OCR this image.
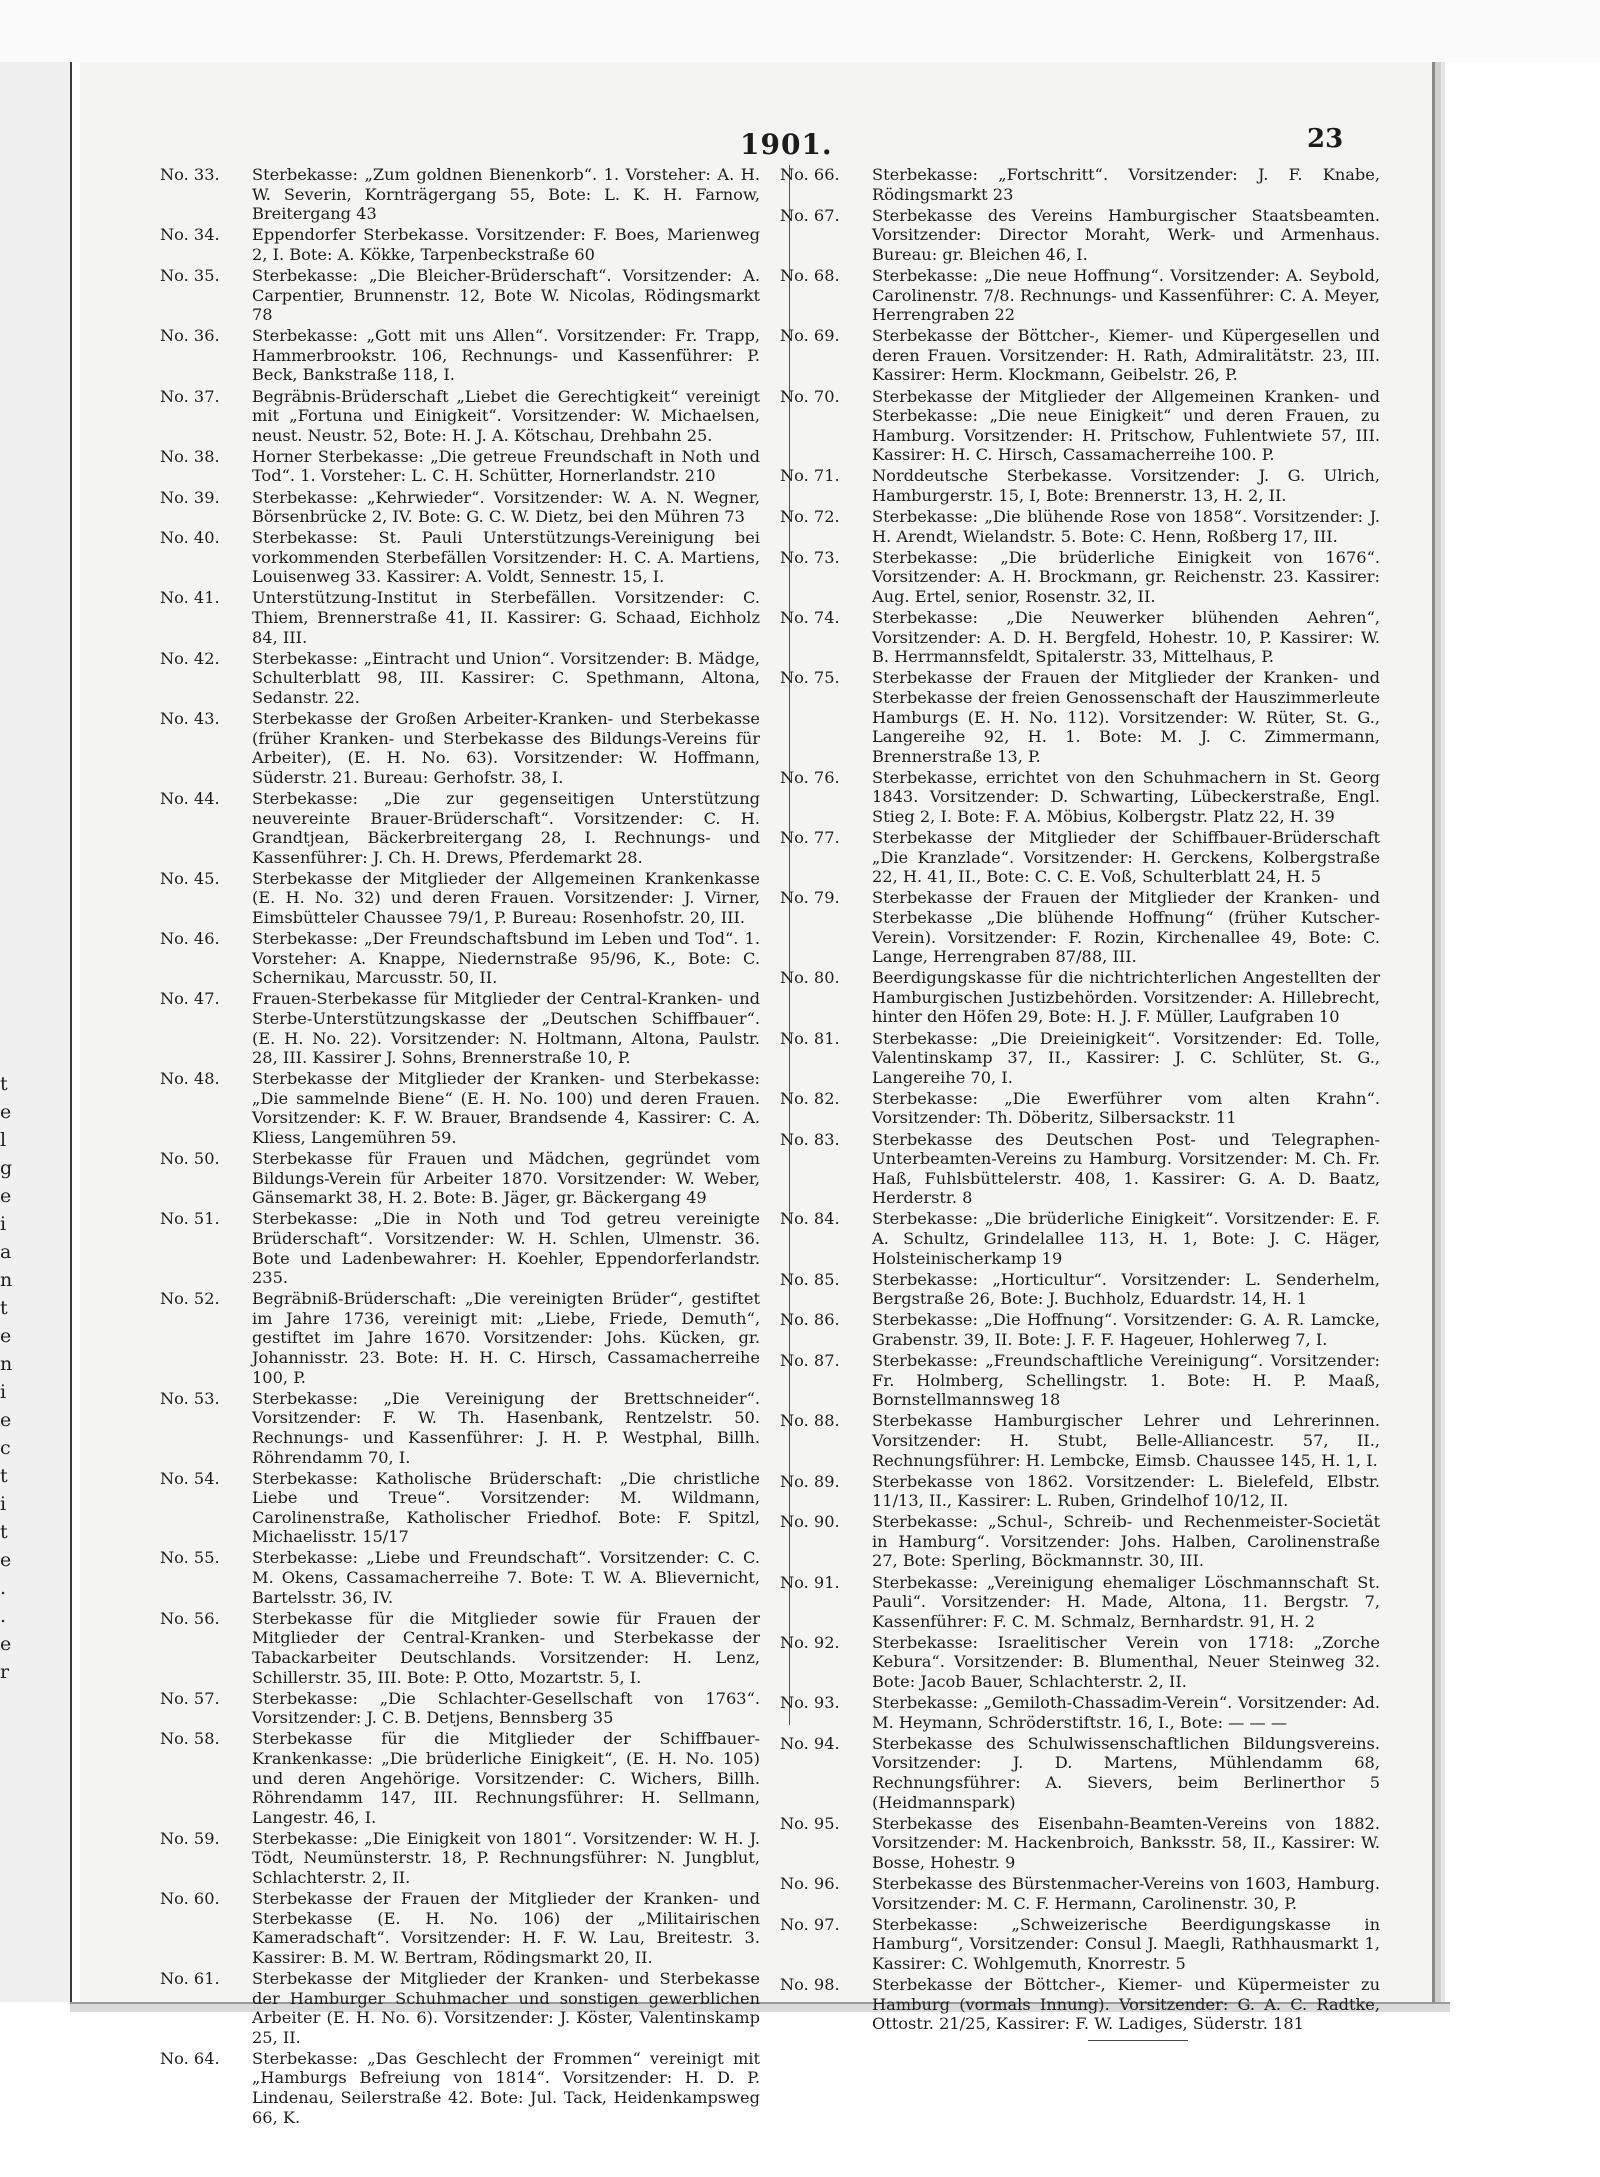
t
e
l
g
e
i
a
n
t
e
n
i
e
c
t
i
t
e
.
.
e
r
1901.	23
No. 33.	Sterbekasse: „Zum goldnen Bienenkorb“. 1. Vorsteher: A. H. W. Severin, Kornträgergang 55, Bote: L. K. H. Farnow, Breitergang 43
No. 34.	Eppendorfer Sterbekasse. Vorsitzender: F. Boes, Marienweg 2, I. Bote: A. Kökke, Tarpenbeckstraße 60
No. 35.	Sterbekasse: „Die Bleicher-Brüderschaft“. Vorsitzender: A. Carpentier, Brunnenstr. 12, Bote W. Nicolas, Rödingsmarkt 78
No. 36.	Sterbekasse: „Gott mit uns Allen“. Vorsitzender: Fr. Trapp, Hammerbrookstr. 106, Rechnungs- und Kassenführer: P. Beck, Bankstraße 118, I.
No. 37.	Begräbnis-Brüderschaft „Liebet die Gerechtigkeit“ vereinigt mit „Fortuna und Einigkeit“. Vorsitzender: W. Michaelsen, neust. Neustr. 52, Bote: H. J. A. Kötschau, Drehbahn 25.
No. 38.	Horner Sterbekasse: „Die getreue Freundschaft in Noth und Tod“. 1. Vorsteher: L. C. H. Schütter, Hornerlandstr. 210
No. 39.	Sterbekasse: „Kehrwieder“. Vorsitzender: W. A. N. Wegner, Börsenbrücke 2, IV. Bote: G. C. W. Dietz, bei den Mühren 73
No. 40.	Sterbekasse: St. Pauli Unterstützungs-Vereinigung bei vorkommenden Sterbefällen Vorsitzender: H. C. A. Martiens, Louisenweg 33. Kassirer: A. Voldt, Sennestr. 15, I.
No. 41.	Unterstützung-Institut in Sterbefällen. Vorsitzender: C. Thiem, Brennerstraße 41, II. Kassirer: G. Schaad, Eichholz 84, III.
No. 42.	Sterbekasse: „Eintracht und Union“. Vorsitzender: B. Mädge, Schulterblatt 98, III. Kassirer: C. Spethmann, Altona, Sedanstr. 22.
No. 43.	Sterbekasse der Großen Arbeiter-Kranken- und Sterbekasse (früher Kranken- und Sterbekasse des Bildungs-Vereins für Arbeiter), (E. H. No. 63). Vorsitzender: W. Hoffmann, Süderstr. 21. Bureau: Gerhofstr. 38, I.
No. 44.	Sterbekasse: „Die zur gegenseitigen Unterstützung neuvereinte Brauer-Brüderschaft“. Vorsitzender: C. H. Grandtjean, Bäckerbreitergang 28, I. Rechnungs- und Kassenführer: J. Ch. H. Drews, Pferdemarkt 28.
No. 45.	Sterbekasse der Mitglieder der Allgemeinen Krankenkasse (E. H. No. 32) und deren Frauen. Vorsitzender: J. Virner, Eimsbütteler Chaussee 79/1, P. Bureau: Rosenhofstr. 20, III.
No. 46.	Sterbekasse: „Der Freundschaftsbund im Leben und Tod“. 1. Vorsteher: A. Knappe, Niedernstraße 95/96, K., Bote: C. Schernikau, Marcusstr. 50, II.
No. 47.	Frauen-Sterbekasse für Mitglieder der Central-Kranken- und Sterbe-Unterstützungskasse der „Deutschen Schiffbauer“. (E. H. No. 22). Vorsitzender: N. Holtmann, Altona, Paulstr. 28, III. Kassirer J. Sohns, Brennerstraße 10, P.
No. 48.	Sterbekasse der Mitglieder der Kranken- und Sterbekasse: „Die sammelnde Biene“ (E. H. No. 100) und deren Frauen. Vorsitzender: K. F. W. Brauer, Brandsende 4, Kassirer: C. A. Kliess, Langemühren 59.
No. 50.	Sterbekasse für Frauen und Mädchen, gegründet vom Bildungs-Verein für Arbeiter 1870. Vorsitzender: W. Weber, Gänsemarkt 38, H. 2. Bote: B. Jäger, gr. Bäckergang 49
No. 51.	Sterbekasse: „Die in Noth und Tod getreu vereinigte Brüderschaft“. Vorsitzender: W. H. Schlen, Ulmenstr. 36. Bote und Ladenbewahrer: H. Koehler, Eppendorferlandstr. 235.
No. 52.	Begräbniß-Brüderschaft: „Die vereinigten Brüder“, gestiftet im Jahre 1736, vereinigt mit: „Liebe, Friede, Demuth“, gestiftet im Jahre 1670. Vorsitzender: Johs. Kücken, gr. Johannisstr. 23. Bote: H. H. C. Hirsch, Cassamacherreihe 100, P.
No. 53.	Sterbekasse: „Die Vereinigung der Brettschneider“. Vorsitzender: F. W. Th. Hasenbank, Rentzelstr. 50. Rechnungs- und Kassenführer: J. H. P. Westphal, Billh. Röhrendamm 70, I.
No. 54.	Sterbekasse: Katholische Brüderschaft: „Die christliche Liebe und Treue“. Vorsitzender: M. Wildmann, Carolinenstraße, Katholischer Friedhof. Bote: F. Spitzl, Michaelisstr. 15/17
No. 55.	Sterbekasse: „Liebe und Freundschaft“. Vorsitzender: C. C. M. Okens, Cassamacherreihe 7. Bote: T. W. A. Blievernicht, Bartelsstr. 36, IV.
No. 56.	Sterbekasse für die Mitglieder sowie für Frauen der Mitglieder der Central-Kranken- und Sterbekasse der Tabackarbeiter Deutschlands. Vorsitzender: H. Lenz, Schillerstr. 35, III. Bote: P. Otto, Mozartstr. 5, I.
No. 57.	Sterbekasse: „Die Schlachter-Gesellschaft von 1763“. Vorsitzender: J. C. B. Detjens, Bennsberg 35
No. 58.	Sterbekasse für die Mitglieder der Schiffbauer-Krankenkasse: „Die brüderliche Einigkeit“, (E. H. No. 105) und deren Angehörige. Vorsitzender: C. Wichers, Billh. Röhrendamm 147, III. Rechnungsführer: H. Sellmann, Langestr. 46, I.
No. 59.	Sterbekasse: „Die Einigkeit von 1801“. Vorsitzender: W. H. J. Tödt, Neumünsterstr. 18, P. Rechnungsführer: N. Jungblut, Schlachterstr. 2, II.
No. 60.	Sterbekasse der Frauen der Mitglieder der Kranken- und Sterbekasse (E. H. No. 106) der „Militairischen Kameradschaft“. Vorsitzender: H. F. W. Lau, Breitestr. 3. Kassirer: B. M. W. Bertram, Rödingsmarkt 20, II.
No. 61.	Sterbekasse der Mitglieder der Kranken- und Sterbekasse der Hamburger Schuhmacher und sonstigen gewerblichen Arbeiter (E. H. No. 6). Vorsitzender: J. Köster, Valentinskamp 25, II.
No. 64.	Sterbekasse: „Das Geschlecht der Frommen“ vereinigt mit „Hamburgs Befreiung von 1814“. Vorsitzender: H. D. P. Lindenau, Seilerstraße 42. Bote: Jul. Tack, Heidenkampsweg 66, K.
No. 66.	Sterbekasse: „Fortschritt“. Vorsitzender: J. F. Knabe, Rödingsmarkt 23
No. 67.	Sterbekasse des Vereins Hamburgischer Staatsbeamten. Vorsitzender: Director Moraht, Werk- und Armenhaus. Bureau: gr. Bleichen 46, I.
No. 68.	Sterbekasse: „Die neue Hoffnung“. Vorsitzender: A. Seybold, Carolinenstr. 7/8. Rechnungs- und Kassenführer: C. A. Meyer, Herrengraben 22
No. 69.	Sterbekasse der Böttcher-, Kiemer- und Küpergesellen und deren Frauen. Vorsitzender: H. Rath, Admiralitätstr. 23, III. Kassirer: Herm. Klockmann, Geibelstr. 26, P.
No. 70.	Sterbekasse der Mitglieder der Allgemeinen Kranken- und Sterbekasse: „Die neue Einigkeit“ und deren Frauen, zu Hamburg. Vorsitzender: H. Pritschow, Fuhlentwiete 57, III. Kassirer: H. C. Hirsch, Cassamacherreihe 100. P.
No. 71.	Norddeutsche Sterbekasse. Vorsitzender: J. G. Ulrich, Hamburgerstr. 15, I, Bote: Brennerstr. 13, H. 2, II.
No. 72.	Sterbekasse: „Die blühende Rose von 1858“. Vorsitzender: J. H. Arendt, Wielandstr. 5. Bote: C. Henn, Roßberg 17, III.
No. 73.	Sterbekasse: „Die brüderliche Einigkeit von 1676“. Vorsitzender: A. H. Brockmann, gr. Reichenstr. 23. Kassirer: Aug. Ertel, senior, Rosenstr. 32, II.
No. 74.	Sterbekasse: „Die Neuwerker blühenden Aehren“, Vorsitzender: A. D. H. Bergfeld, Hohestr. 10, P. Kassirer: W. B. Herrmannsfeldt, Spitalerstr. 33, Mittelhaus, P.
No. 75.	Sterbekasse der Frauen der Mitglieder der Kranken- und Sterbekasse der freien Genossenschaft der Hauszimmerleute Hamburgs (E. H. No. 112). Vorsitzender: W. Rüter, St. G., Langereihe 92, H. 1. Bote: M. J. C. Zimmermann, Brennerstraße 13, P.
No. 76.	Sterbekasse, errichtet von den Schuhmachern in St. Georg 1843. Vorsitzender: D. Schwarting, Lübeckerstraße, Engl. Stieg 2, I. Bote: F. A. Möbius, Kolbergstr. Platz 22, H. 39
No. 77.	Sterbekasse der Mitglieder der Schiffbauer-Brüderschaft „Die Kranzlade“. Vorsitzender: H. Gerckens, Kolbergstraße 22, H. 41, II., Bote: C. C. E. Voß, Schulterblatt 24, H. 5
No. 79.	Sterbekasse der Frauen der Mitglieder der Kranken- und Sterbekasse „Die blühende Hoffnung“ (früher Kutscher-Verein). Vorsitzender: F. Rozin, Kirchenallee 49, Bote: C. Lange, Herrengraben 87/88, III.
No. 80.	Beerdigungskasse für die nichtrichterlichen Angestellten der Hamburgischen Justizbehörden. Vorsitzender: A. Hillebrecht, hinter den Höfen 29, Bote: H. J. F. Müller, Laufgraben 10
No. 81.	Sterbekasse: „Die Dreieinigkeit“. Vorsitzender: Ed. Tolle, Valentinskamp 37, II., Kassirer: J. C. Schlüter, St. G., Langereihe 70, I.
No. 82.	Sterbekasse: „Die Ewerführer vom alten Krahn“. Vorsitzender: Th. Döberitz, Silbersackstr. 11
No. 83.	Sterbekasse des Deutschen Post- und Telegraphen-Unterbeamten-Vereins zu Hamburg. Vorsitzender: M. Ch. Fr. Haß, Fuhlsbüttelerstr. 408, 1. Kassirer: G. A. D. Baatz, Herderstr. 8
No. 84.	Sterbekasse: „Die brüderliche Einigkeit“. Vorsitzender: E. F. A. Schultz, Grindelallee 113, H. 1, Bote: J. C. Häger, Holsteinischerkamp 19
No. 85.	Sterbekasse: „Horticultur“. Vorsitzender: L. Senderhelm, Bergstraße 26, Bote: J. Buchholz, Eduardstr. 14, H. 1
No. 86.	Sterbekasse: „Die Hoffnung“. Vorsitzender: G. A. R. Lamcke, Grabenstr. 39, II. Bote: J. F. F. Hageuer, Hohlerweg 7, I.
No. 87.	Sterbekasse: „Freundschaftliche Vereinigung“. Vorsitzender: Fr. Holmberg, Schellingstr. 1. Bote: H. P. Maaß, Bornstellmannsweg 18
No. 88.	Sterbekasse Hamburgischer Lehrer und Lehrerinnen. Vorsitzender: H. Stubt, Belle-Alliancestr. 57, II., Rechnungsführer: H. Lembcke, Eimsb. Chaussee 145, H. 1, I.
No. 89.	Sterbekasse von 1862. Vorsitzender: L. Bielefeld, Elbstr. 11/13, II., Kassirer: L. Ruben, Grindelhof 10/12, II.
No. 90.	Sterbekasse: „Schul-, Schreib- und Rechenmeister-Societät in Hamburg“. Vorsitzender: Johs. Halben, Carolinenstraße 27, Bote: Sperling, Böckmannstr. 30, III.
No. 91.	Sterbekasse: „Vereinigung ehemaliger Löschmannschaft St. Pauli“. Vorsitzender: H. Made, Altona, 11. Bergstr. 7, Kassenführer: F. C. M. Schmalz, Bernhardstr. 91, H. 2
No. 92.	Sterbekasse: Israelitischer Verein von 1718: „Zorche Kebura“. Vorsitzender: B. Blumenthal, Neuer Steinweg 32. Bote: Jacob Bauer, Schlachterstr. 2, II.
No. 93.	Sterbekasse: „Gemiloth-Chassadim-Verein“. Vorsitzender: Ad. M. Heymann, Schröderstiftstr. 16, I., Bote: — — —
No. 94.	Sterbekasse des Schulwissenschaftlichen Bildungsvereins. Vorsitzender: J. D. Martens, Mühlendamm 68, Rechnungsführer: A. Sievers, beim Berlinerthor 5 (Heidmannspark)
No. 95.	Sterbekasse des Eisenbahn-Beamten-Vereins von 1882. Vorsitzender: M. Hackenbroich, Banksstr. 58, II., Kassirer: W. Bosse, Hohestr. 9
No. 96.	Sterbekasse des Bürstenmacher-Vereins von 1603, Hamburg. Vorsitzender: M. C. F. Hermann, Carolinenstr. 30, P.
No. 97.	Sterbekasse: „Schweizerische Beerdigungskasse in Hamburg“, Vorsitzender: Consul J. Maegli, Rathhausmarkt 1, Kassirer: C. Wohlgemuth, Knorrestr. 5
No. 98.	Sterbekasse der Böttcher-, Kiemer- und Küpermeister zu Hamburg (vormals Innung). Vorsitzender: G. A. C. Radtke, Ottostr. 21/25, Kassirer: F. W. Ladiges, Süderstr. 181
